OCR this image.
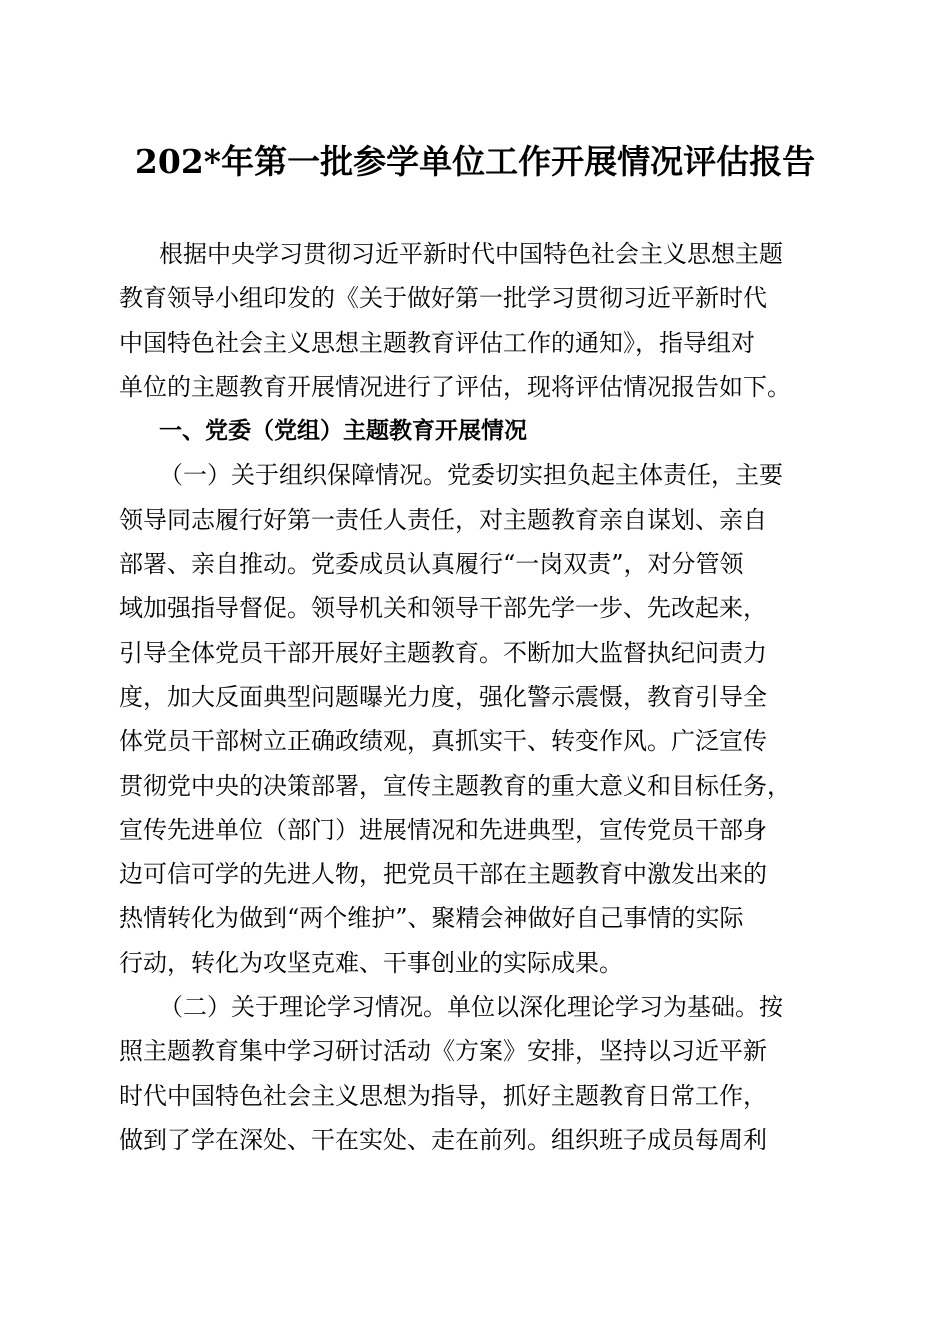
202*年第一批参学单位工作开展情况评估报告
根据中央学习贯彻习近平新时代中国特色社会主义思想主题
教育领导小组印发的《关于做好第一批学习贯彻习近平新时代
中国特色社会主义思想主题教育评估工作的通知》，指导组对
单位的主题教育开展情况进行了评估，现将评估情况报告如下。
一、党委（党组）主题教育开展情况
（一）关于组织保障情况。党委切实担负起主体责任，主要
领导同志履行好第一责任人责任，对主题教育亲自谋划、亲自
部署、亲自推动。党委成员认真履行“一岗双责”，对分管领
域加强指导督促。领导机关和领导干部先学一步、先改起来，
引导全体党员干部开展好主题教育。不断加大监督执纪问责力
度，加大反面典型问题曝光力度，强化警示震慑，教育引导全
体党员干部树立正确政绩观，真抓实干、转变作风。广泛宣传
贯彻党中央的决策部署，宣传主题教育的重大意义和目标任务，
宣传先进单位（部门）进展情况和先进典型，宣传党员干部身
边可信可学的先进人物，把党员干部在主题教育中激发出来的
热情转化为做到“两个维护”、聚精会神做好自己事情的实际
行动，转化为攻坚克难、干事创业的实际成果。
（二）关于理论学习情况。单位以深化理论学习为基础。按
照主题教育集中学习研讨活动《方案》安排，坚持以习近平新
时代中国特色社会主义思想为指导，抓好主题教育日常工作，
做到了学在深处、干在实处、走在前列。组织班子成员每周利
